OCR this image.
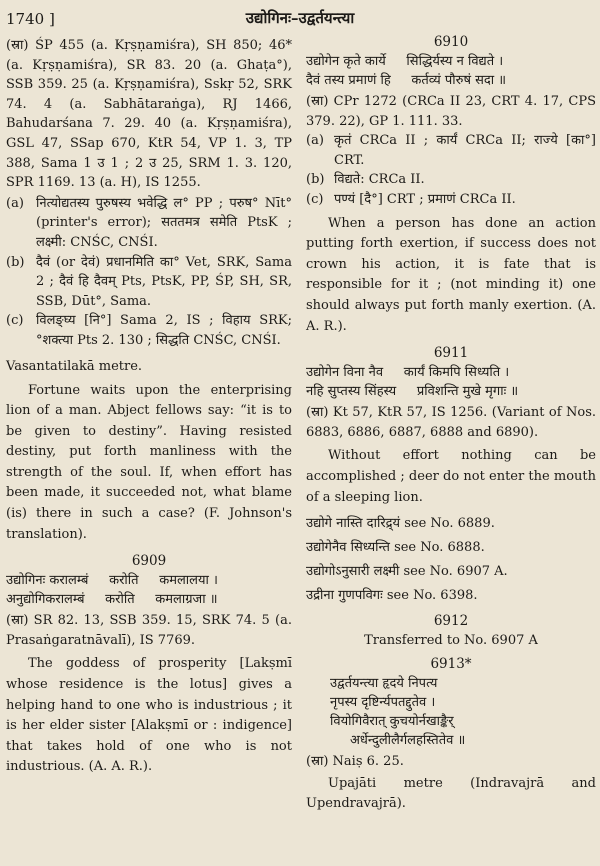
1740 ]	उद्योगिनः–उद्वर्तयन्त्या

(स्रा) ŚP 455 (a. Kṛṣṇamiśra), SH 850; 46* (a. Kṛṣṇamiśra), SR 83. 20 (a. Ghaṭa°), SSB 359. 25 (a. Kṛṣṇamiśra), Sskṛ 52, SRK 74. 4 (a. Sabhātaraṅga), RJ 1466, Bahudarśana 7. 29. 40 (a. Kṛṣṇamiśra), GSL 47, SSap 670, KtR 54, VP 1. 3, TP 388, Sama 1 उ 1 ; 2 उ 25, SRM 1. 3. 120, SPR 1169. 13 (a. H), IS 1255.

(a) नित्योद्यतस्य पुरुषस्य भवेद्धि ल° PP ; परुष° Nīt° (printer's error); सततमत्र समेति PtsK ; लक्ष्मी: CNŚC, CNŚI.
(b) दैवं (or देवं) प्रधानमिति का° Vet, SRK, Sama 2 ; दैवं हि दैवम् Pts, PtsK, PP, ŚP, SH, SR, SSB, Dūt°, Sama.
(c) विलङ्घ्य [नि°] Sama 2, IS ; विहाय SRK; °शक्त्या Pts 2. 130 ; सिद्धति CNŚC, CNŚI.

Vasantatilakā metre.

Fortune waits upon the enterprising lion of a man. Abject fellows say: “it is to be given to destiny”. Having resisted destiny, put forth manliness with the strength of the soul. If, when effort has been made, it succeeded not, what blame (is) there in such a case? (F. Johnson's translation).

6909

उद्योगिनः करालम्बं     करोति     कमलालया ।
अनुद्योगिकरालम्बं     करोति     कमलाग्रजा ॥

(स्रा) SR 82. 13, SSB 359. 15, SRK 74. 5 (a. Prasaṅgaratnāvalī), IS 7769.

The goddess of prosperity [Lakṣmī whose residence is the lotus] gives a helping hand to one who is industrious ; it is her elder sister [Alakṣmī or : indigence] that takes hold of one who is not industrious. (A. A. R.).

6910

उद्योगेन कृते कार्ये     सिद्धिर्यस्य न विद्यते ।
दैवं तस्य प्रमाणं हि     कर्तव्यं पौरुषं सदा ॥

(स्रा) CPr 1272 (CRCa II 23, CRT 4. 17, CPS 379. 22), GP 1. 111. 33.

(a) कृतं CRCa II ; कार्यं CRCa II; राज्ये [का°] CRT.
(b) विद्यते: CRCa II.
(c) पण्यं [दै°] CRT ; प्रमाणं CRCa II.

When a person has done an action putting forth exertion, if success does not crown his action, it is fate that is responsible for it ; (not minding it) one should always put forth manly exertion. (A. A. R.).

6911

उद्योगेन विना नैव     कार्यं किमपि सिध्यति ।
नहि सुप्तस्य सिंहस्य     प्रविशन्ति मुखे मृगाः ॥

(स्रा) Kt 57, KtR 57, IS 1256. (Variant of Nos. 6883, 6886, 6887, 6888 and 6890).

Without effort nothing can be accomplished ; deer do not enter the mouth of a sleeping lion.

उद्योगे नास्ति दारिद्र्यं see No. 6889.

उद्योगेनैव सिध्यन्ति see No. 6888.

उद्योगोऽनुसारी लक्ष्मी see No. 6907 A.

उद्रीना गुणपविगः see No. 6398.

6912

Transferred to No. 6907 A

6913*

उद्वर्तयन्त्या हृदये निपत्य
नृपस्य दृष्टिर्न्यपतद्दुतेव ।
वियोगिवैरात् कुचयोर्नखाङ्कैर्
अर्धेन्दुलीलैर्गलहस्तितेव ॥

(स्रा) Naiṣ 6. 25.

Upajāti metre (Indravajrā and Upendravajrā).
